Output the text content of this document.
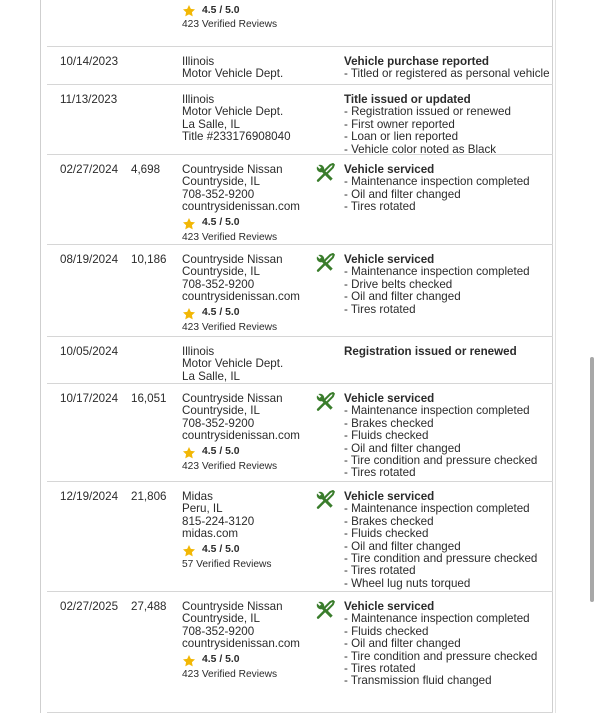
4.5 / 5.0
423 Verified Reviews
10/14/2023	Illinois
Motor Vehicle Dept.
Vehicle purchase reported
- Titled or registered as personal vehicle
11/13/2023	Illinois
Motor Vehicle Dept.
La Salle, IL
Title #233176908040
Title issued or updated
- Registration issued or renewed
- First owner reported
- Loan or lien reported
- Vehicle color noted as Black
02/27/2024 4,698 Countryside Nissan
Countryside, IL
708-352-9200
countrysidenissan.com
4.5 / 5.0
423 Verified Reviews
Vehicle serviced
- Maintenance inspection completed
- Oil and filter changed
- Tires rotated
08/19/2024 10,186 Countryside Nissan
Countryside, IL
708-352-9200
countrysidenissan.com
4.5 / 5.0
423 Verified Reviews
Vehicle serviced
- Maintenance inspection completed
- Drive belts checked
- Oil and filter changed
- Tires rotated
10/05/2024	Illinois
Motor Vehicle Dept.
La Salle, IL
Registration issued or renewed
10/17/2024 16,051 Countryside Nissan
Countryside, IL
708-352-9200
countrysidenissan.com
4.5 / 5.0
423 Verified Reviews
Vehicle serviced
- Maintenance inspection completed
- Brakes checked
- Fluids checked
- Oil and filter changed
- Tire condition and pressure checked
- Tires rotated
12/19/2024 21,806 Midas
Peru, IL
815-224-3120
midas.com
4.5 / 5.0
57 Verified Reviews
Vehicle serviced
- Maintenance inspection completed
- Brakes checked
- Fluids checked
- Oil and filter changed
- Tire condition and pressure checked
- Tires rotated
- Wheel lug nuts torqued
02/27/2025 27,488 Countryside Nissan
Countryside, IL
708-352-9200
countrysidenissan.com
4.5 / 5.0
423 Verified Reviews
Vehicle serviced
- Maintenance inspection completed
- Fluids checked
- Oil and filter changed
- Tire condition and pressure checked
- Tires rotated
- Transmission fluid changed
